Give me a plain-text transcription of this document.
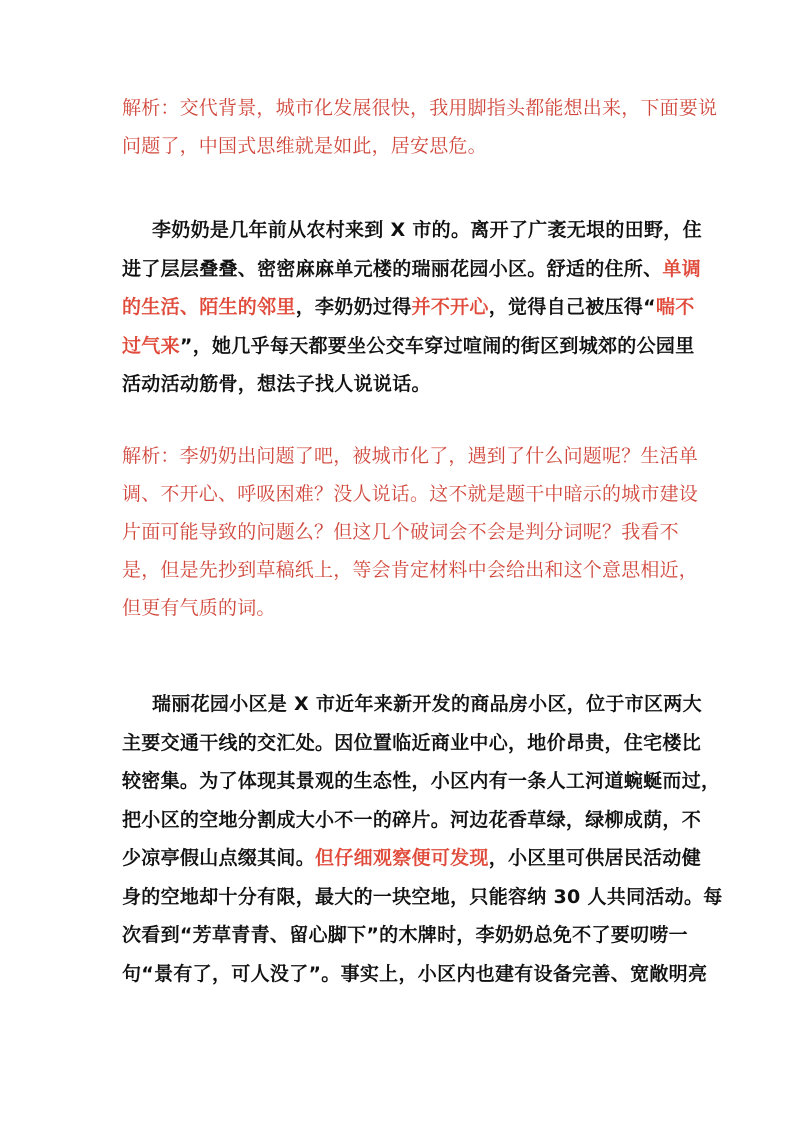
解析：交代背景，城市化发展很快，我用脚指头都能想出来，下面要说
问题了，中国式思维就是如此，居安思危。
李奶奶是几年前从农村来到 X 市的。离开了广袤无垠的田野，住
进了层层叠叠、密密麻麻单元楼的瑞丽花园小区。舒适的住所、单调
的生活、陌生的邻里，李奶奶过得并不开心，觉得自己被压得“喘不
过气来”，她几乎每天都要坐公交车穿过喧闹的街区到城郊的公园里
活动活动筋骨，想法子找人说说话。
解析：李奶奶出问题了吧，被城市化了，遇到了什么问题呢？生活单
调、不开心、呼吸困难？没人说话。这不就是题干中暗示的城市建设
片面可能导致的问题么？但这几个破词会不会是判分词呢？我看不
是，但是先抄到草稿纸上，等会肯定材料中会给出和这个意思相近，
但更有气质的词。
瑞丽花园小区是 X 市近年来新开发的商品房小区，位于市区两大
主要交通干线的交汇处。因位置临近商业中心，地价昂贵，住宅楼比
较密集。为了体现其景观的生态性，小区内有一条人工河道蜿蜒而过，
把小区的空地分割成大小不一的碎片。河边花香草绿，绿柳成荫，不
少凉亭假山点缀其间。但仔细观察便可发现，小区里可供居民活动健
身的空地却十分有限，最大的一块空地，只能容纳 30 人共同活动。每
次看到“芳草青青、留心脚下”的木牌时，李奶奶总免不了要叨唠一
句“景有了，可人没了”。事实上，小区内也建有设备完善、宽敞明亮
